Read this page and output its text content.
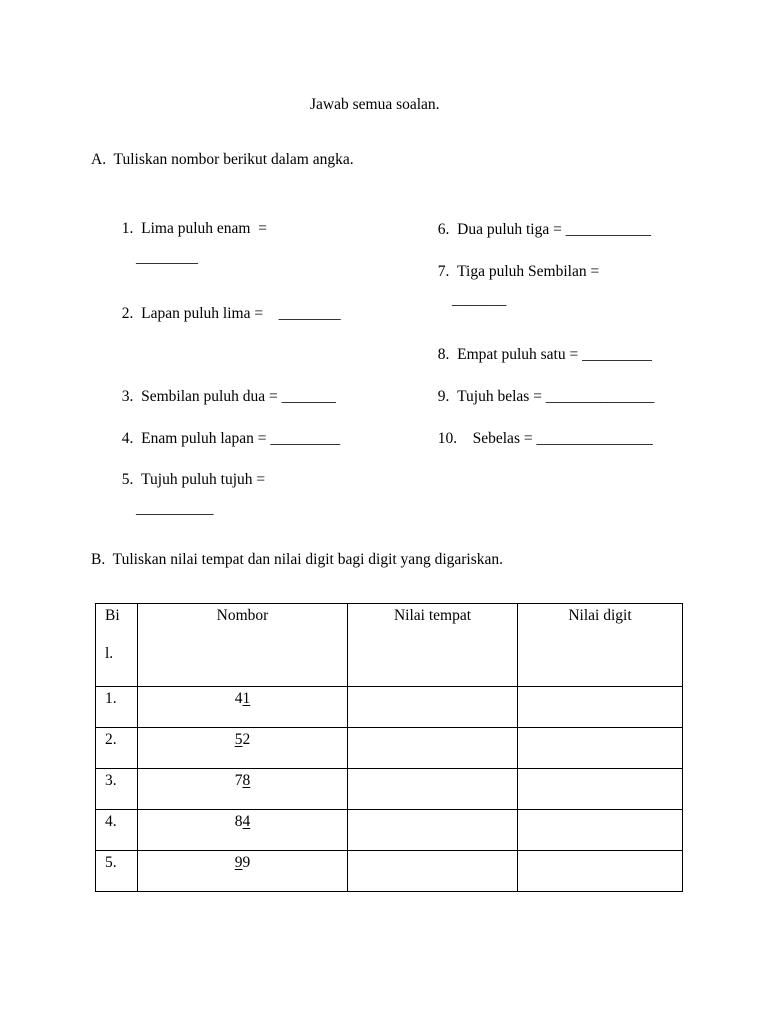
Jawab semua soalan.
A.  Tuliskan nombor berikut dalam angka.

1. Lima puluh enam  =

________

2. Lapan puluh lima =    ________

3. Sembilan puluh dua = _______

4. Enam puluh lapan = _________

5. Tujuh puluh tujuh =

__________

6. Dua puluh tiga = ___________

7. Tiga puluh Sembilan =

_______

8. Empat puluh satu = _________

9. Tujuh belas = ______________

10. Sebelas = _______________

B.  Tuliskan nilai tempat dan nilai digit bagi digit yang digariskan.
Bi
l.	Nombor	Nilai tempat	Nilai digit

1.	41		

2.	52		

3.	78		

4.	84		

5.	99		
